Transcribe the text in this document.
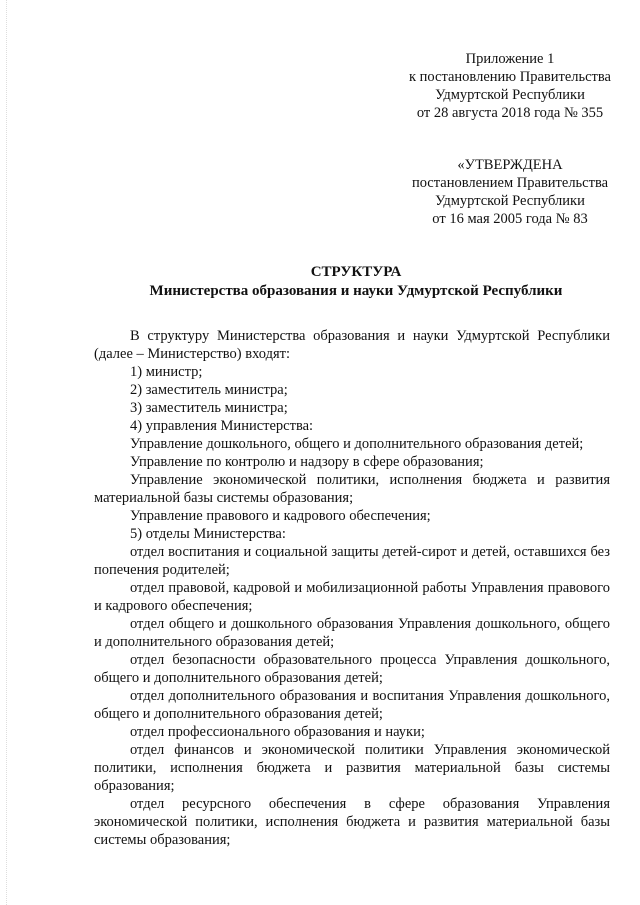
Приложение 1
к постановлению Правительства
Удмуртской Республики
от 28 августа 2018 года № 355
«УТВЕРЖДЕНА
постановлением Правительства
Удмуртской Республики
от 16 мая 2005 года № 83
СТРУКТУРА
Министерства образования и науки Удмуртской Республики

В структуру Министерства образования и науки Удмуртской Республики (далее – Министерство) входят:

1) министр;

2) заместитель министра;

3) заместитель министра;

4) управления Министерства:

Управление дошкольного, общего и дополнительного образования детей;

Управление по контролю и надзору в сфере образования;

Управление экономической политики, исполнения бюджета и развития материальной базы системы образования;

Управление правового и кадрового обеспечения;

5) отделы Министерства:

отдел воспитания и социальной защиты детей-сирот и детей, оставшихся без попечения родителей;

отдел правовой, кадровой и мобилизационной работы Управления правового и кадрового обеспечения;

отдел общего и дошкольного образования Управления дошкольного, общего и дополнительного образования детей;

отдел безопасности образовательного процесса Управления дошкольного, общего и дополнительного образования детей;

отдел дополнительного образования и воспитания Управления дошкольного, общего и дополнительного образования детей;

отдел профессионального образования и науки;

отдел финансов и экономической политики Управления экономической политики, исполнения бюджета и развития материальной базы системы образования;

отдел ресурсного обеспечения в сфере образования Управления экономической политики, исполнения бюджета и развития материальной базы системы образования;
